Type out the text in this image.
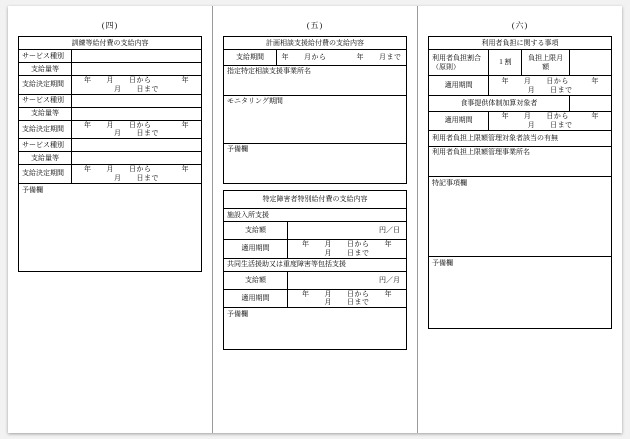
(四)
訓練等給付費の支給内容	
サービス種別	
支給量等	
支給決定期間	年　　月　　日から　　　　年　　月　　日まで
サービス種別	
支給量等	
支給決定期間	年　　月　　日から　　　　年　　月　　日まで
サービス種別	
支給量等	
支給決定期間	年　　月　　日から　　　　年　　月　　日まで
予備欄
(五)
計画相談支援給付費の支給内容
支給期間	年　　月から　　　　年　　月まで
指定特定相談支援事業所名
モニタリング期間
予備欄
特定障害者特別給付費の支給内容	
施設入所支援	
支給額	円／日
適用期間	年　　月　　日から　　年　　月　　日まで
共同生活援助又は重度障害等包括支援	
支給額	円／月
適用期間	年　　月　　日から　　年　　月　　日まで
予備欄
(六)
利用者負担に関する事項			
利用者負担割合（原則）	1 割	負担上限月額	
適用期間	年　　月　　日から　　　年　　月　　日まで		
食事提供体制加算対象者			
適用期間	年　　月　　日から　　　年　　月　　日まで		
利用者負担上限額管理対象者該当の有無			
利用者負担上限額管理事業所名			
特記事項欄			
予備欄
